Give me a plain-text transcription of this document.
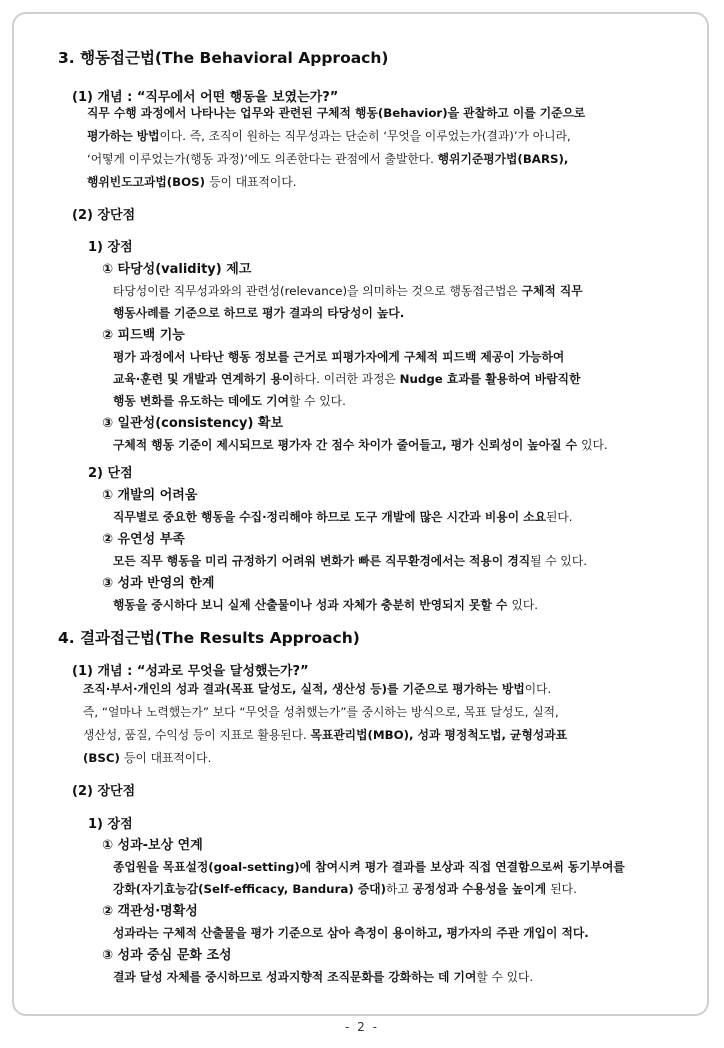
3. 행동접근법(The Behavioral Approach)
(1) 개념 : “직무에서 어떤 행동을 보였는가?”
직무 수행 과정에서 나타나는 업무와 관련된 구체적 행동(Behavior)을 관찰하고 이를 기준으로
평가하는 방법이다. 즉, 조직이 원하는 직무성과는 단순히 ‘무엇을 이루었는가(결과)’가 아니라,
‘어떻게 이루었는가(행동 과정)’에도 의존한다는 관점에서 출발한다. 행위기준평가법(BARS),
행위빈도고과법(BOS) 등이 대표적이다.
(2) 장단점
1) 장점
① 타당성(validity) 제고
타당성이란 직무성과와의 관련성(relevance)을 의미하는 것으로 행동접근법은 구체적 직무
행동사례를 기준으로 하므로 평가 결과의 타당성이 높다.
② 피드백 기능
평가 과정에서 나타난 행동 정보를 근거로 피평가자에게 구체적 피드백 제공이 가능하여
교육·훈련 및 개발과 연계하기 용이하다. 이러한 과정은 Nudge 효과를 활용하여 바람직한
행동 변화를 유도하는 데에도 기여할 수 있다.
③ 일관성(consistency) 확보
구체적 행동 기준이 제시되므로 평가자 간 점수 차이가 줄어들고, 평가 신뢰성이 높아질 수 있다.
2) 단점
① 개발의 어려움
직무별로 중요한 행동을 수집·정리해야 하므로 도구 개발에 많은 시간과 비용이 소요된다.
② 유연성 부족
모든 직무 행동을 미리 규정하기 어려워 변화가 빠른 직무환경에서는 적용이 경직될 수 있다.
③ 성과 반영의 한계
행동을 중시하다 보니 실제 산출물이나 성과 자체가 충분히 반영되지 못할 수 있다.
4. 결과접근법(The Results Approach)
(1) 개념 : “성과로 무엇을 달성했는가?”
조직·부서·개인의 성과 결과(목표 달성도, 실적, 생산성 등)를 기준으로 평가하는 방법이다.
즉, “얼마나 노력했는가” 보다 “무엇을 성취했는가”를 중시하는 방식으로, 목표 달성도, 실적,
생산성, 품질, 수익성 등이 지표로 활용된다. 목표관리법(MBO), 성과 평정척도법, 균형성과표
(BSC) 등이 대표적이다.
(2) 장단점
1) 장점
① 성과-보상 연계
종업원을 목표설정(goal-setting)에 참여시켜 평가 결과를 보상과 직접 연결함으로써 동기부여를
강화(자기효능감(Self-efficacy, Bandura) 증대)하고 공정성과 수용성을 높이게 된다.
② 객관성·명확성
성과라는 구체적 산출물을 평가 기준으로 삼아 측정이 용이하고, 평가자의 주관 개입이 적다.
③ 성과 중심 문화 조성
결과 달성 자체를 중시하므로 성과지향적 조직문화를 강화하는 데 기여할 수 있다.
- 2 -
